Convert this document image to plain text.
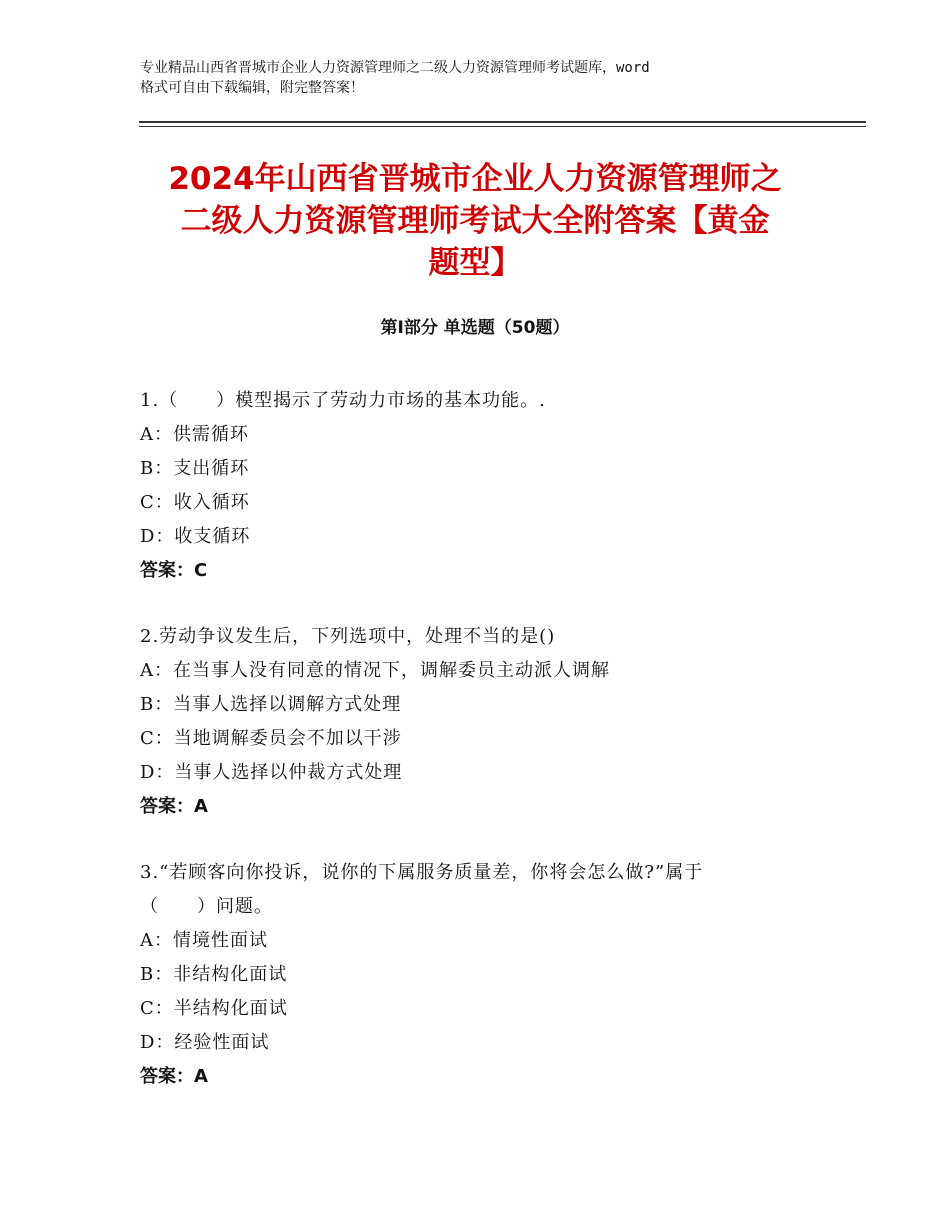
专业精品山西省晋城市企业人力资源管理师之二级人力资源管理师考试题库，word
格式可自由下载编辑，附完整答案！
2024年山西省晋城市企业人力资源管理师之
二级人力资源管理师考试大全附答案【黄金
题型】
第Ⅰ部分 单选题（50题）
1.（　　）模型揭示了劳动力市场的基本功能。.
A：供需循环
B：支出循环
C：收入循环
D：收支循环
答案：C
2.劳动争议发生后，下列选项中，处理不当的是()
A：在当事人没有同意的情况下，调解委员主动派人调解
B：当事人选择以调解方式处理
C：当地调解委员会不加以干涉
D：当事人选择以仲裁方式处理
答案：A
3.“若顾客向你投诉，说你的下属服务质量差，你将会怎么做?”属于
（　　）问题。
A：情境性面试
B：非结构化面试
C：半结构化面试
D：经验性面试
答案：A
